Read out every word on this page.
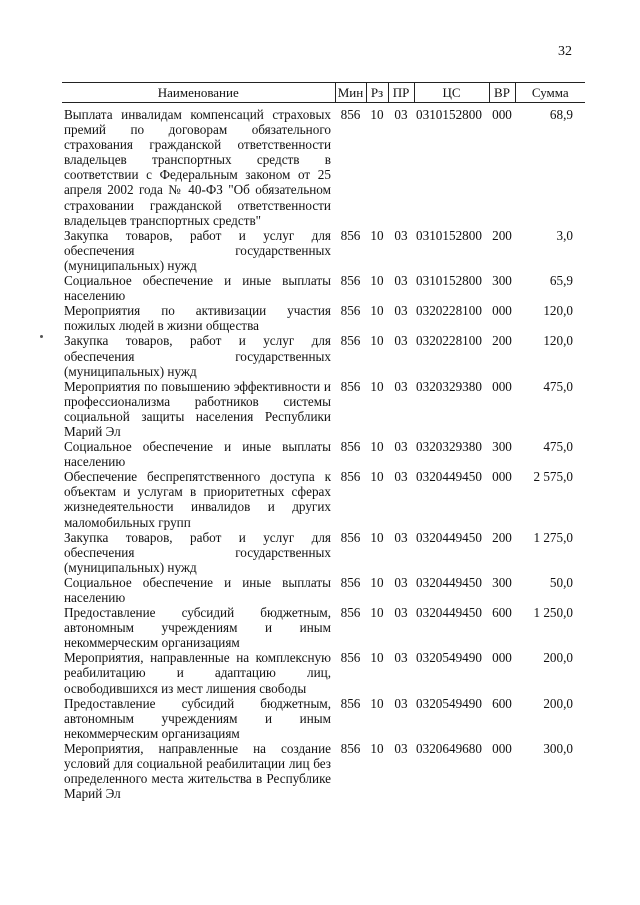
32
Наименование	Мин	Рз	ПР	ЦС	ВР	Сумма
Выплата инвалидам компенсаций страховых премий по договорам обязательного страхования гражданской ответственности владельцев транспортных средств в соответствии с Федеральным законом от 25 апреля 2002 года № 40-ФЗ "Об обязательном страховании гражданской ответственности владельцев транспортных средств"	856	10	03	0310152800	000	68,9
Закупка товаров, работ и услуг для обеспечения государственных (муниципальных) нужд	856	10	03	0310152800	200	3,0
Социальное обеспечение и иные выплаты населению	856	10	03	0310152800	300	65,9
Мероприятия по активизации участия пожилых людей в жизни общества	856	10	03	0320228100	000	120,0
Закупка товаров, работ и услуг для обеспечения государственных (муниципальных) нужд	856	10	03	0320228100	200	120,0
Мероприятия по повышению эффективности и профессионализма работников системы социальной защиты населения Республики Марий Эл	856	10	03	0320329380	000	475,0
Социальное обеспечение и иные выплаты населению	856	10	03	0320329380	300	475,0
Обеспечение беспрепятственного доступа к объектам и услугам в приоритетных сферах жизнедеятельности инвалидов и других маломобильных групп	856	10	03	0320449450	000	2 575,0
Закупка товаров, работ и услуг для обеспечения государственных (муниципальных) нужд	856	10	03	0320449450	200	1 275,0
Социальное обеспечение и иные выплаты населению	856	10	03	0320449450	300	50,0
Предоставление субсидий бюджетным, автономным учреждениям и иным некоммерческим организациям	856	10	03	0320449450	600	1 250,0
Мероприятия, направленные на комплексную реабилитацию и адаптацию лиц, освободившихся из мест лишения свободы	856	10	03	0320549490	000	200,0
Предоставление субсидий бюджетным, автономным учреждениям и иным некоммерческим организациям	856	10	03	0320549490	600	200,0
Мероприятия, направленные на создание условий для социальной реабилитации лиц без определенного места жительства в Республике Марий Эл	856	10	03	0320649680	000	300,0
